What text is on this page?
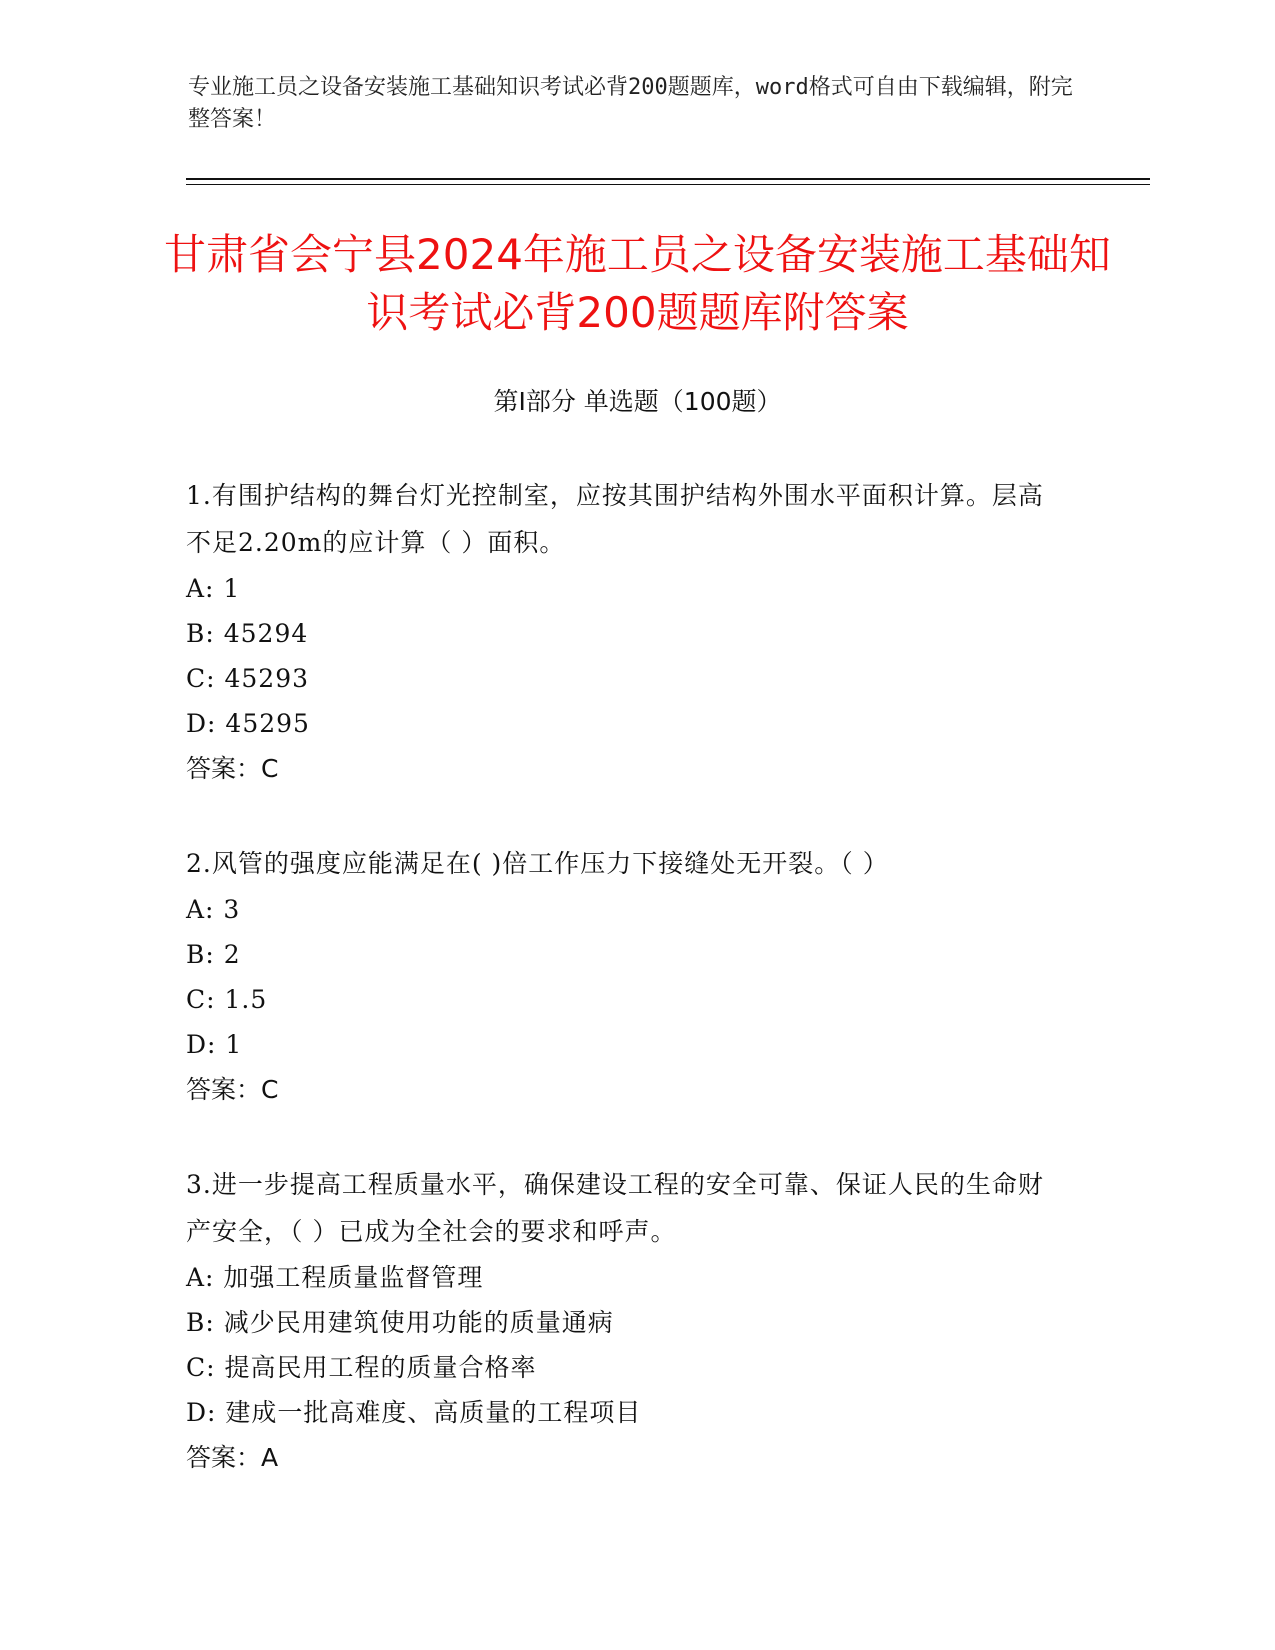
专业施工员之设备安装施工基础知识考试必背200题题库，word格式可自由下载编辑，附完整答案！
甘肃省会宁县2024年施工员之设备安装施工基础知识考试必背200题题库附答案
第Ⅰ部分 单选题（100题）
1.有围护结构的舞台灯光控制室，应按其围护结构外围水平面积计算。层高不足2.20m的应计算（ ）面积。
A: 1
B: 45294
C: 45293
D: 45295
答案：C
2.风管的强度应能满足在( )倍工作压力下接缝处无开裂。（ ）
A: 3
B: 2
C: 1.5
D: 1
答案：C
3.进一步提高工程质量水平，确保建设工程的安全可靠、保证人民的生命财产安全，（ ）已成为全社会的要求和呼声。
A: 加强工程质量监督管理
B: 减少民用建筑使用功能的质量通病
C: 提高民用工程的质量合格率
D: 建成一批高难度、高质量的工程项目
答案：A
